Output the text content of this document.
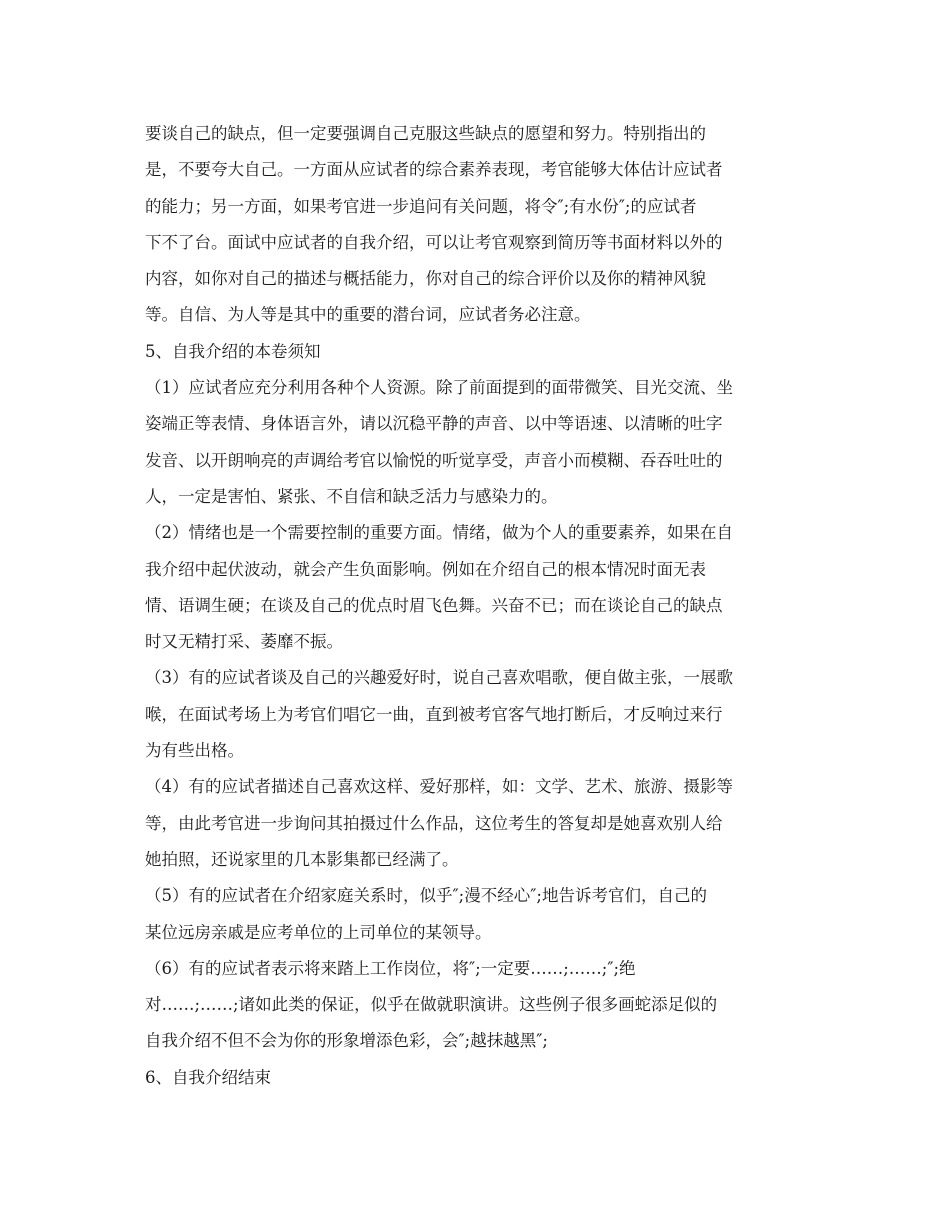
要谈自己的缺点，但一定要强调自己克服这些缺点的愿望和努力。特别指出的
是，不要夸大自己。一方面从应试者的综合素养表现，考官能够大体估计应试者
的能力；另一方面，如果考官进一步追问有关问题，将令″;有水份″;的应试者
下不了台。面试中应试者的自我介绍，可以让考官观察到简历等书面材料以外的
内容，如你对自己的描述与概括能力，你对自己的综合评价以及你的精神风貌
等。自信、为人等是其中的重要的潜台词，应试者务必注意。
5、自我介绍的本卷须知
（1）应试者应充分利用各种个人资源。除了前面提到的面带微笑、目光交流、坐
姿端正等表情、身体语言外，请以沉稳平静的声音、以中等语速、以清晰的吐字
发音、以开朗响亮的声调给考官以愉悦的听觉享受，声音小而模糊、吞吞吐吐的
人，一定是害怕、紧张、不自信和缺乏活力与感染力的。
（2）情绪也是一个需要控制的重要方面。情绪，做为个人的重要素养，如果在自
我介绍中起伏波动，就会产生负面影响。例如在介绍自己的根本情况时面无表
情、语调生硬；在谈及自己的优点时眉飞色舞。兴奋不已；而在谈论自己的缺点
时又无精打采、萎靡不振。
（3）有的应试者谈及自己的兴趣爱好时，说自己喜欢唱歌，便自做主张，一展歌
喉，在面试考场上为考官们唱它一曲，直到被考官客气地打断后，才反响过来行
为有些出格。
（4）有的应试者描述自己喜欢这样、爱好那样，如：文学、艺术、旅游、摄影等
等，由此考官进一步询问其拍摄过什么作品，这位考生的答复却是她喜欢别人给
她拍照，还说家里的几本影集都已经满了。
（5）有的应试者在介绍家庭关系时，似乎″;漫不经心″;地告诉考官们，自己的
某位远房亲戚是应考单位的上司单位的某领导。
（6）有的应试者表示将来踏上工作岗位，将″;一定要……;……;″;绝
对……;……;诸如此类的保证，似乎在做就职演讲。这些例子很多画蛇添足似的
自我介绍不但不会为你的形象增添色彩，会″;越抹越黑″;
6、自我介绍结束
